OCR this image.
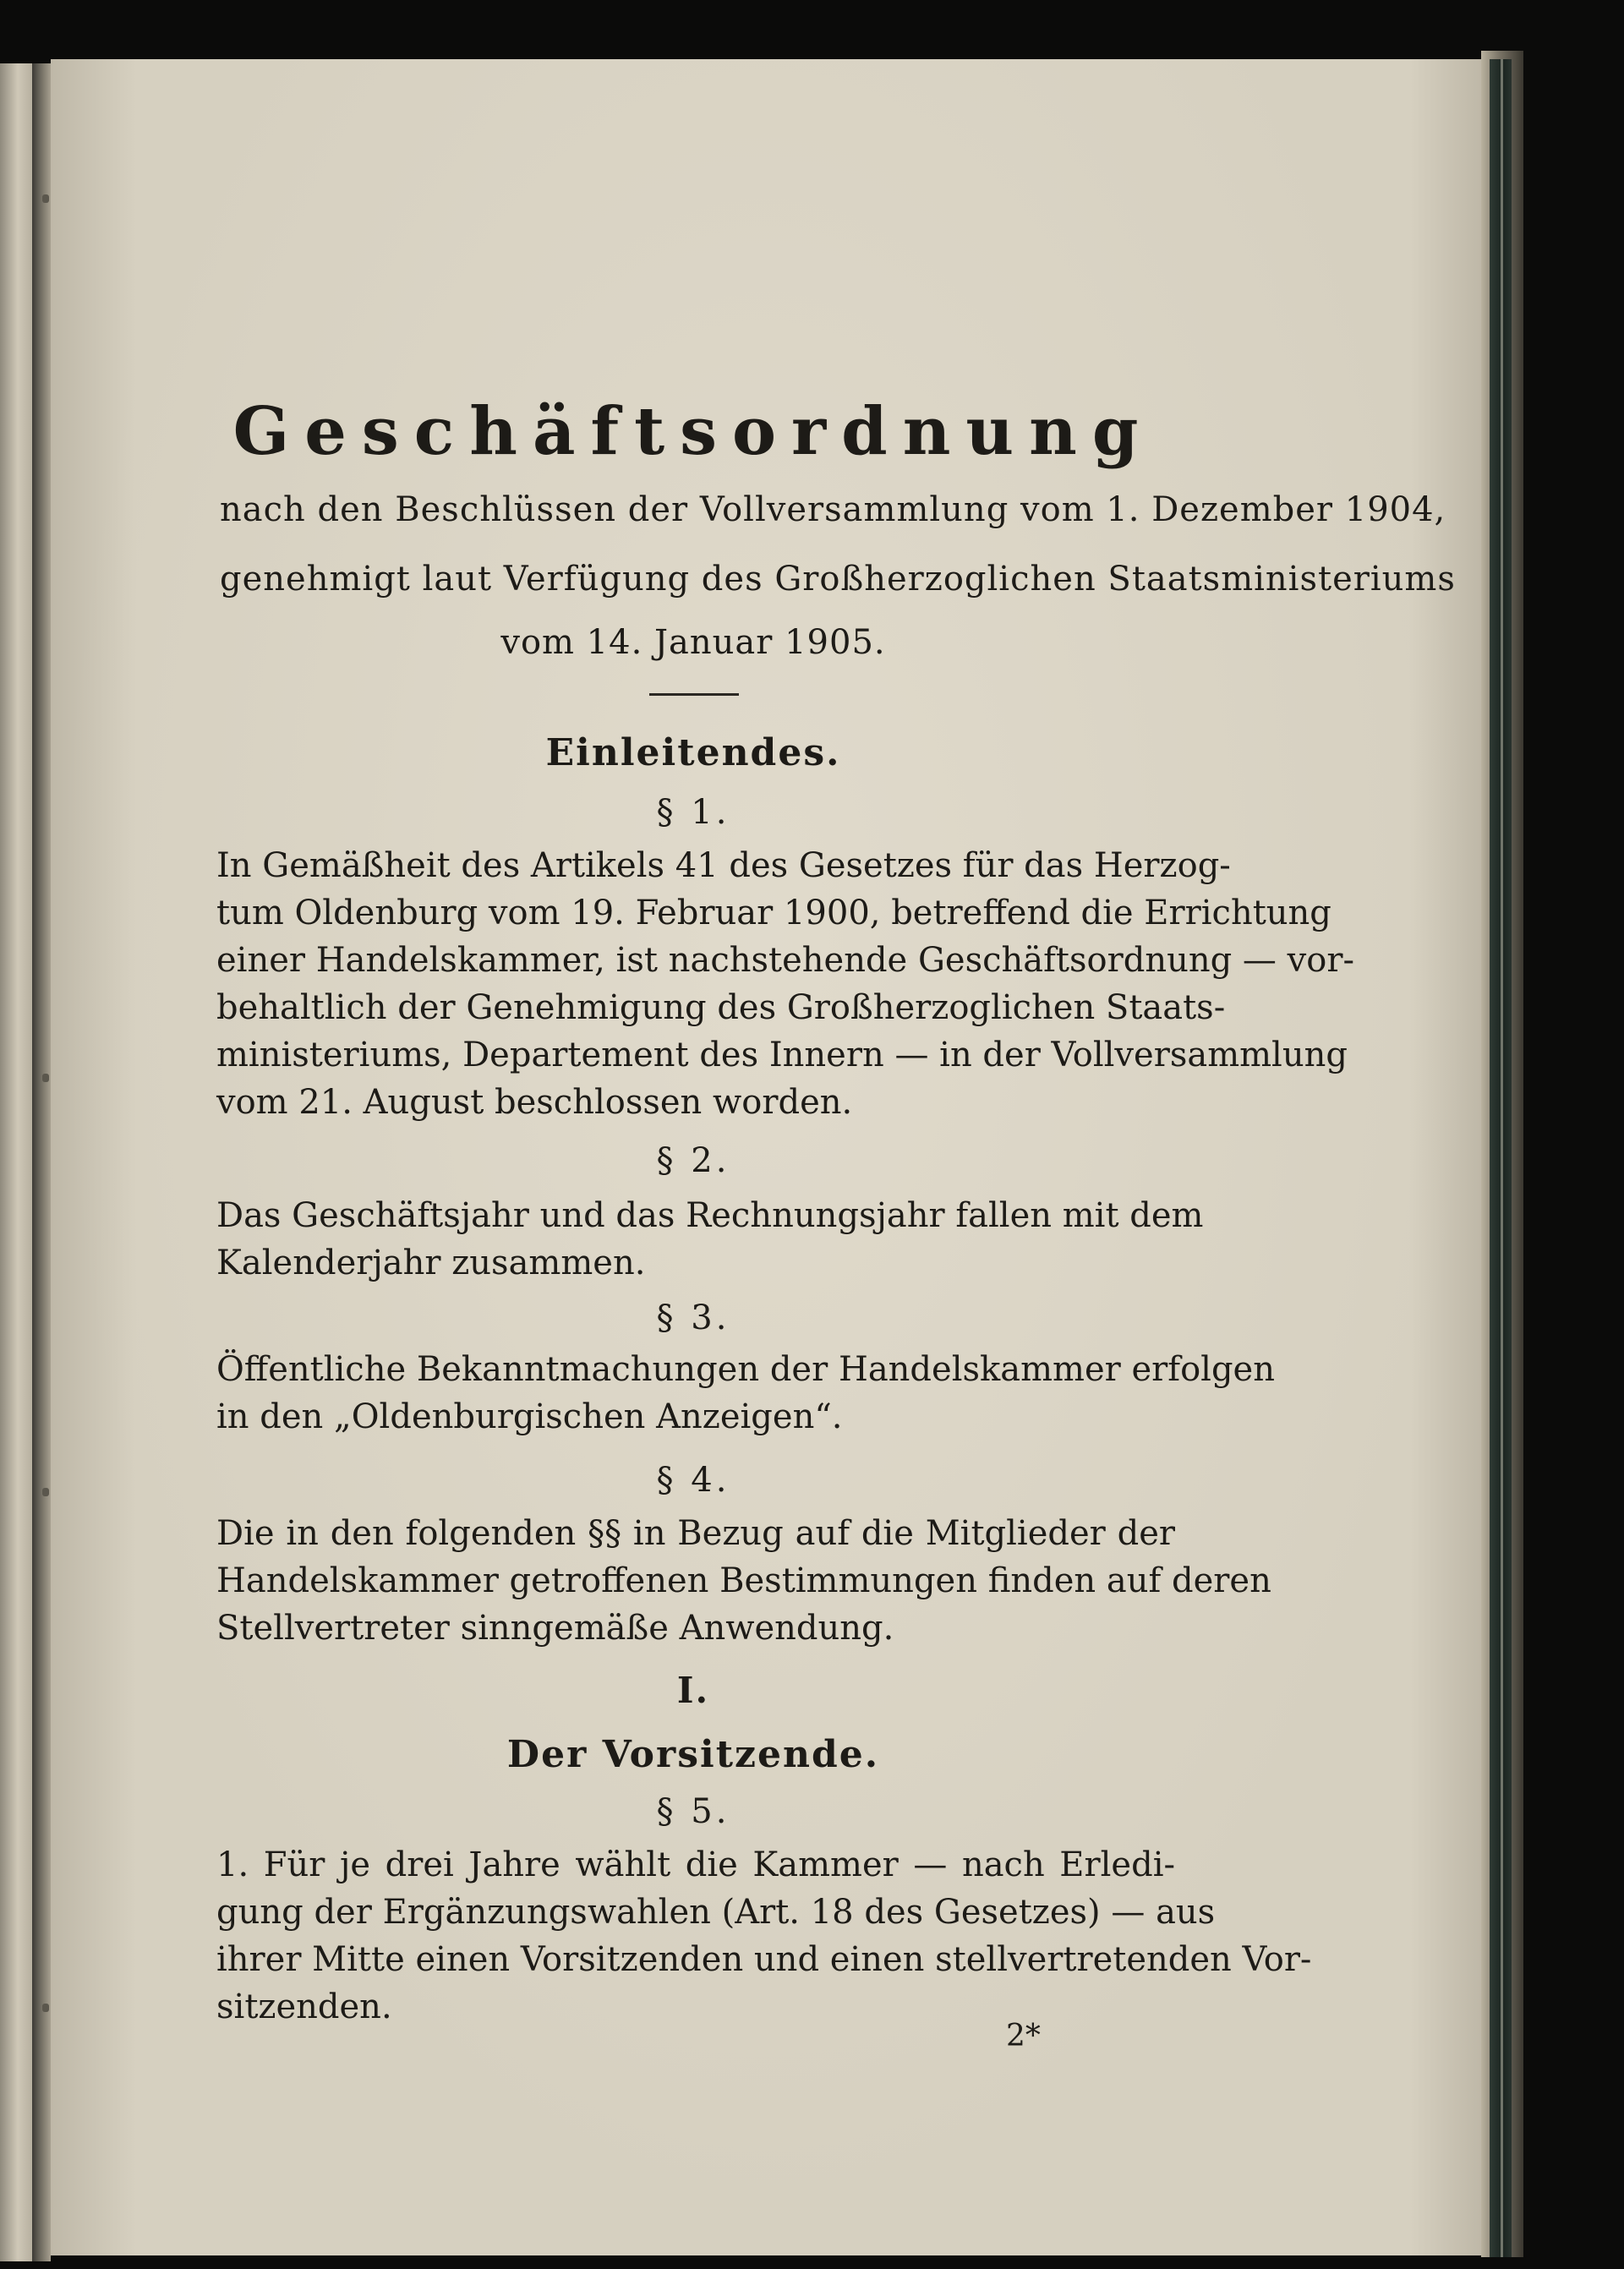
Geschäftsordnung
nach den Beschlüssen der Vollversammlung vom 1. Dezember 1904,
genehmigt laut Verfügung des Großherzoglichen Staatsministeriums
vom 14. Januar 1905.
Einleitendes.
§ 1.
In Gemäßheit des Artikels 41 des Gesetzes für das Herzog-
tum Oldenburg vom 19. Februar 1900, betreffend die Errichtung
einer Handelskammer, ist nachstehende Geschäftsordnung — vor-
behaltlich der Genehmigung des Großherzoglichen Staats-
ministeriums, Departement des Innern — in der Vollversammlung
vom 21. August beschlossen worden.
§ 2.
Das Geschäftsjahr und das Rechnungsjahr fallen mit dem
Kalenderjahr zusammen.
§ 3.
Öffentliche Bekanntmachungen der Handelskammer erfolgen
in den „Oldenburgischen Anzeigen“.
§ 4.
Die in den folgenden §§ in Bezug auf die Mitglieder der
Handelskammer getroffenen Bestimmungen finden auf deren
Stellvertreter sinngemäße Anwendung.
I.
Der Vorsitzende.
§ 5.
1. Für je drei Jahre wählt die Kammer — nach Erledi-
gung der Ergänzungswahlen (Art. 18 des Gesetzes) — aus
ihrer Mitte einen Vorsitzenden und einen stellvertretenden Vor-
sitzenden.
2*
